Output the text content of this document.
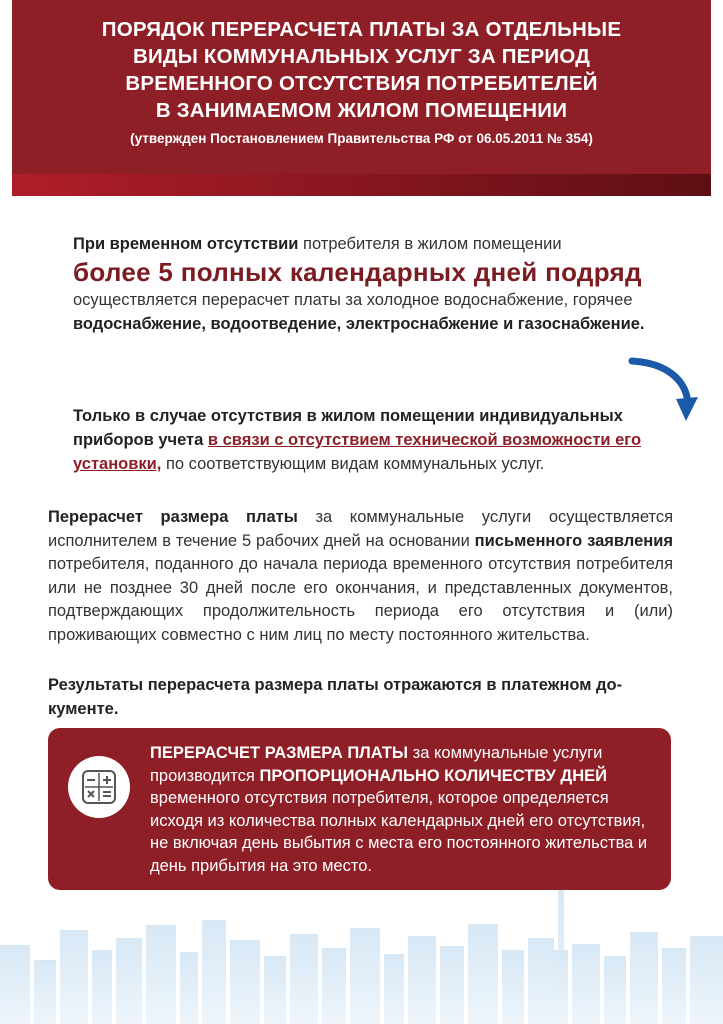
ПОРЯДОК ПЕРЕРАСЧЕТА ПЛАТЫ ЗА ОТДЕЛЬНЫЕ
ВИДЫ КОММУНАЛЬНЫХ УСЛУГ ЗА ПЕРИОД
ВРЕМЕННОГО ОТСУТСТВИЯ ПОТРЕБИТЕЛЕЙ
В ЗАНИМАЕМОМ ЖИЛОМ ПОМЕЩЕНИИ
(утвержден Постановлением Правительства РФ от 06.05.2011 № 354)
При временном отсутствии потребителя в жилом помещении
более 5 полных календарных дней подряд
осуществляется перерасчет платы за холодное водоснабжение, горячее водоснабжение, водоотведение, электроснабжение и газоснабжение.
Только в случае отсутствия в жилом помещении индивидуальных приборов учета в связи с отсутствием технической возможности его установки, по соответствующим видам коммунальных услуг.
Перерасчет размера платы за коммунальные услуги осуществляется исполнителем в течение 5 рабочих дней на основании письменного заявления потребителя, поданного до начала периода временного отсутствия потребителя или не позднее 30 дней после его окончания, и представленных документов, подтверждающих продолжительность периода его отсутствия и (или) проживающих совместно с ним лиц по месту постоянного жительства.
Результаты перерасчета размера платы отражаются в платежном документе.
ПЕРЕРАСЧЕТ РАЗМЕРА ПЛАТЫ за коммунальные услуги производится ПРОПОРЦИОНАЛЬНО КОЛИЧЕСТВУ ДНЕЙ временного отсутствия потребителя, которое определяется исходя из количества полных календарных дней его отсутствия, не включая день выбытия с места его постоянного жительства и день прибытия на это место.
